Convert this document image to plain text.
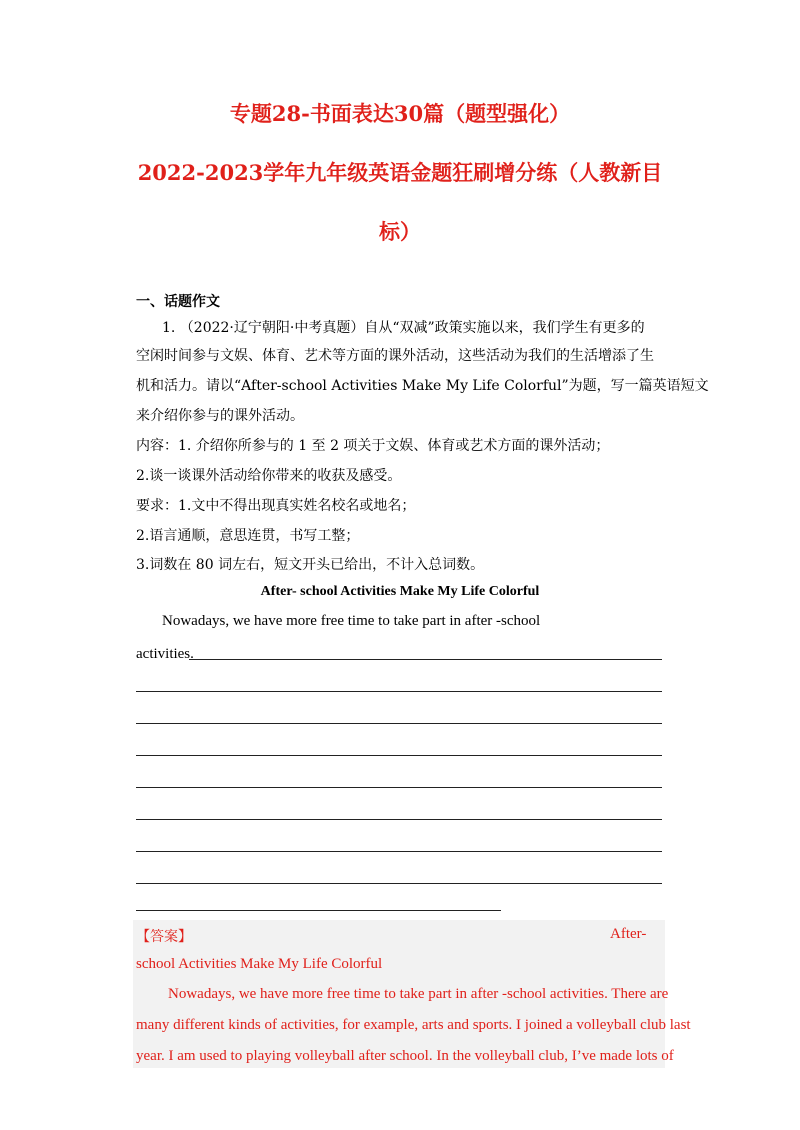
专题28-书面表达30篇（题型强化）
2022-2023学年九年级英语金题狂刷增分练（人教新目
标）
一、话题作文
1. （2022·辽宁朝阳·中考真题）自从“双减”政策实施以来，我们学生有更多的
空闲时间参与文娱、体育、艺术等方面的课外活动，这些活动为我们的生活增添了生
机和活力。请以“After-school Activities Make My Life Colorful”为题，写一篇英语短文
来介绍你参与的课外活动。
内容：1. 介绍你所参与的 1 至 2 项关于文娱、体育或艺术方面的课外活动；
2.谈一谈课外活动给你带来的收获及感受。
要求：1.文中不得出现真实姓名校名或地名；
2.语言通顺，意思连贯，书写工整；
3.词数在 80 词左右，短文开头已给出，不计入总词数。
After- school Activities Make My Life Colorful
Nowadays, we have more free time to take part in after -school
activities.
【答案】	After-
school Activities Make My Life Colorful
Nowadays, we have more free time to take part in after -school activities. There are
many different kinds of activities, for example, arts and sports. I joined a volleyball club last
year. I am used to playing volleyball after school. In the volleyball club, I’ve made lots of
